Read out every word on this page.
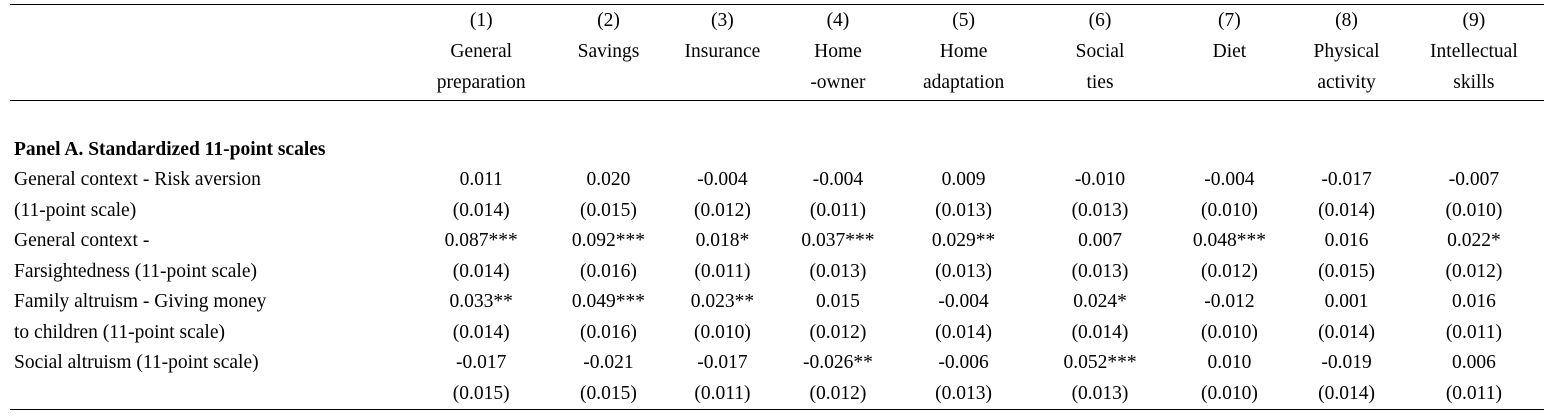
	(1)	(2)	(3)	(4)	(5)	(6)	(7)	(8)	(9)
	General	Savings	Insurance	Home	Home	Social	Diet	Physical	Intellectual
	preparation			-owner	adaptation	ties		activity	skills

Panel A. Standardized 11-point scales									
General context - Risk aversion	0.011	0.020	-0.004	-0.004	0.009	-0.010	-0.004	-0.017	-0.007
(11-point scale)	(0.014)	(0.015)	(0.012)	(0.011)	(0.013)	(0.013)	(0.010)	(0.014)	(0.010)
General context -	0.087***	0.092***	0.018*	0.037***	0.029**	0.007	0.048***	0.016	0.022*
Farsightedness (11-point scale)	(0.014)	(0.016)	(0.011)	(0.013)	(0.013)	(0.013)	(0.012)	(0.015)	(0.012)
Family altruism - Giving money	0.033**	0.049***	0.023**	0.015	-0.004	0.024*	-0.012	0.001	0.016
to children (11-point scale)	(0.014)	(0.016)	(0.010)	(0.012)	(0.014)	(0.014)	(0.010)	(0.014)	(0.011)
Social altruism (11-point scale)	-0.017	-0.021	-0.017	-0.026**	-0.006	0.052***	0.010	-0.019	0.006
	(0.015)	(0.015)	(0.011)	(0.012)	(0.013)	(0.013)	(0.010)	(0.014)	(0.011)
